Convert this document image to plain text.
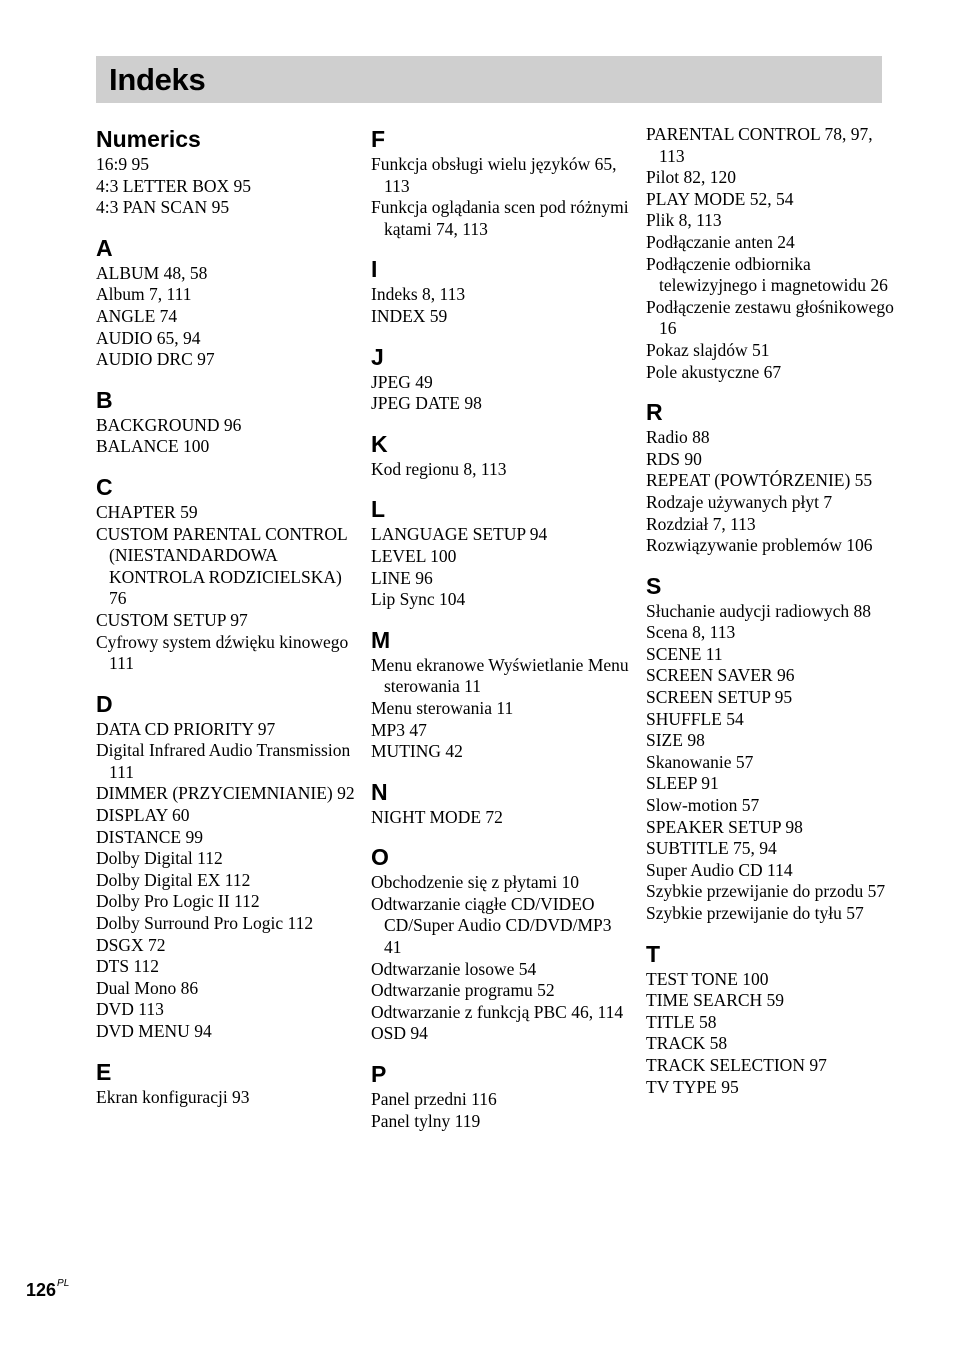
Indeks
Numerics
16:9 95
4:3 LETTER BOX 95
4:3 PAN SCAN 95
A
ALBUM 48, 58
Album 7, 111
ANGLE 74
AUDIO 65, 94
AUDIO DRC 97
B
BACKGROUND 96
BALANCE 100
C
CHAPTER 59
CUSTOM PARENTAL CONTROL (NIESTANDARDOWA KONTROLA RODZICIELSKA) 76
CUSTOM SETUP 97
Cyfrowy system dźwięku kinowego 111
D
DATA CD PRIORITY 97
Digital Infrared Audio Transmission 111
DIMMER (PRZYCIEMNIANIE) 92
DISPLAY 60
DISTANCE 99
Dolby Digital 112
Dolby Digital EX 112
Dolby Pro Logic II 112
Dolby Surround Pro Logic 112
DSGX 72
DTS 112
Dual Mono 86
DVD 113
DVD MENU 94
E
Ekran konfiguracji 93
F
Funkcja obsługi wielu języków 65, 113
Funkcja oglądania scen pod różnymi kątami 74, 113
I
Indeks 8, 113
INDEX 59
J
JPEG 49
JPEG DATE 98
K
Kod regionu 8, 113
L
LANGUAGE SETUP 94
LEVEL 100
LINE 96
Lip Sync 104
M
Menu ekranowe Wyświetlanie Menu sterowania 11
Menu sterowania 11
MP3 47
MUTING 42
N
NIGHT MODE 72
O
Obchodzenie się z płytami 10
Odtwarzanie ciągłe CD/VIDEO CD/Super Audio CD/DVD/MP3 41
Odtwarzanie losowe 54
Odtwarzanie programu 52
Odtwarzanie z funkcją PBC 46, 114
OSD 94
P
Panel przedni 116
Panel tylny 119
PARENTAL CONTROL 78, 97, 113
Pilot 82, 120
PLAY MODE 52, 54
Plik 8, 113
Podłączanie anten 24
Podłączenie odbiornika telewizyjnego i magnetowidu 26
Podłączenie zestawu głośnikowego 16
Pokaz slajdów 51
Pole akustyczne 67
R
Radio 88
RDS 90
REPEAT (POWTÓRZENIE) 55
Rodzaje używanych płyt 7
Rozdział 7, 113
Rozwiązywanie problemów 106
S
Słuchanie audycji radiowych 88
Scena 8, 113
SCENE 11
SCREEN SAVER 96
SCREEN SETUP 95
SHUFFLE 54
SIZE 98
Skanowanie 57
SLEEP 91
Slow-motion 57
SPEAKER SETUP 98
SUBTITLE 75, 94
Super Audio CD 114
Szybkie przewijanie do przodu 57
Szybkie przewijanie do tyłu 57
T
TEST TONE 100
TIME SEARCH 59
TITLE 58
TRACK 58
TRACK SELECTION 97
TV TYPE 95
$126^{PL}$
